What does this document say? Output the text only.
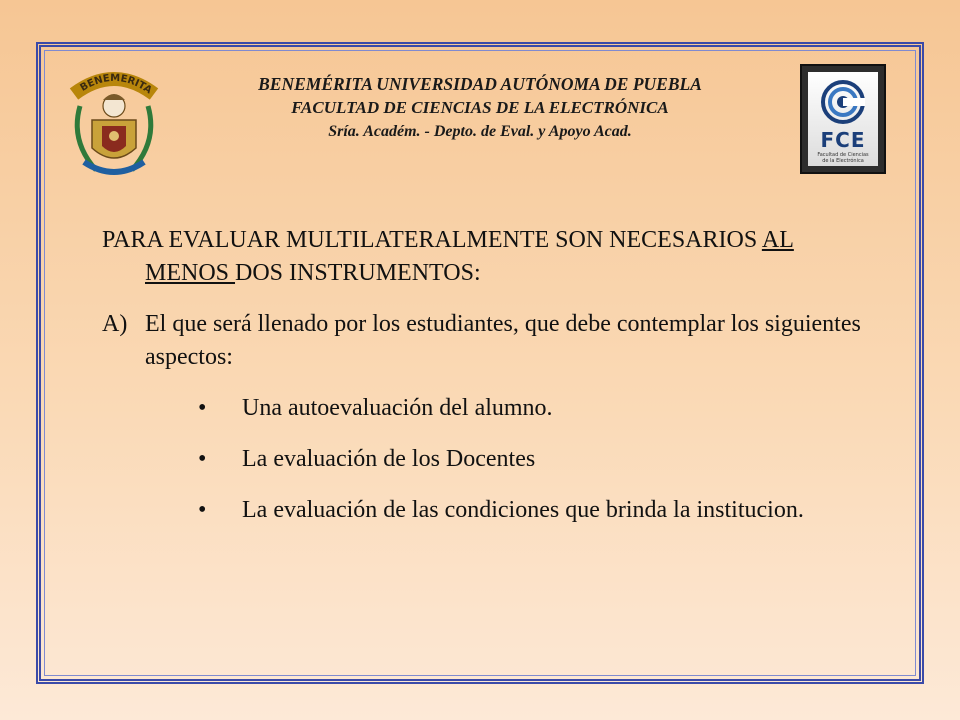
BENEMERITA	BENEMÉRITA UNIVERSIDAD AUTÓNOMA DE PUEBLA
FACULTAD DE CIENCIAS DE LA ELECTRÓNICA
Sría. Académ. - Depto. de Eval. y Apoyo Acad.	FCE
Facultad de Ciencias
de la Electrónica

PARA EVALUAR MULTILATERALMENTE SON NECESARIOS AL MENOS DOS INSTRUMENTOS:

A) El que será llenado por los estudiantes, que debe contemplar los siguientes aspectos:
• Una autoevaluación del alumno.
• La evaluación de los Docentes
• La evaluación de las condiciones que brinda la institucion.
